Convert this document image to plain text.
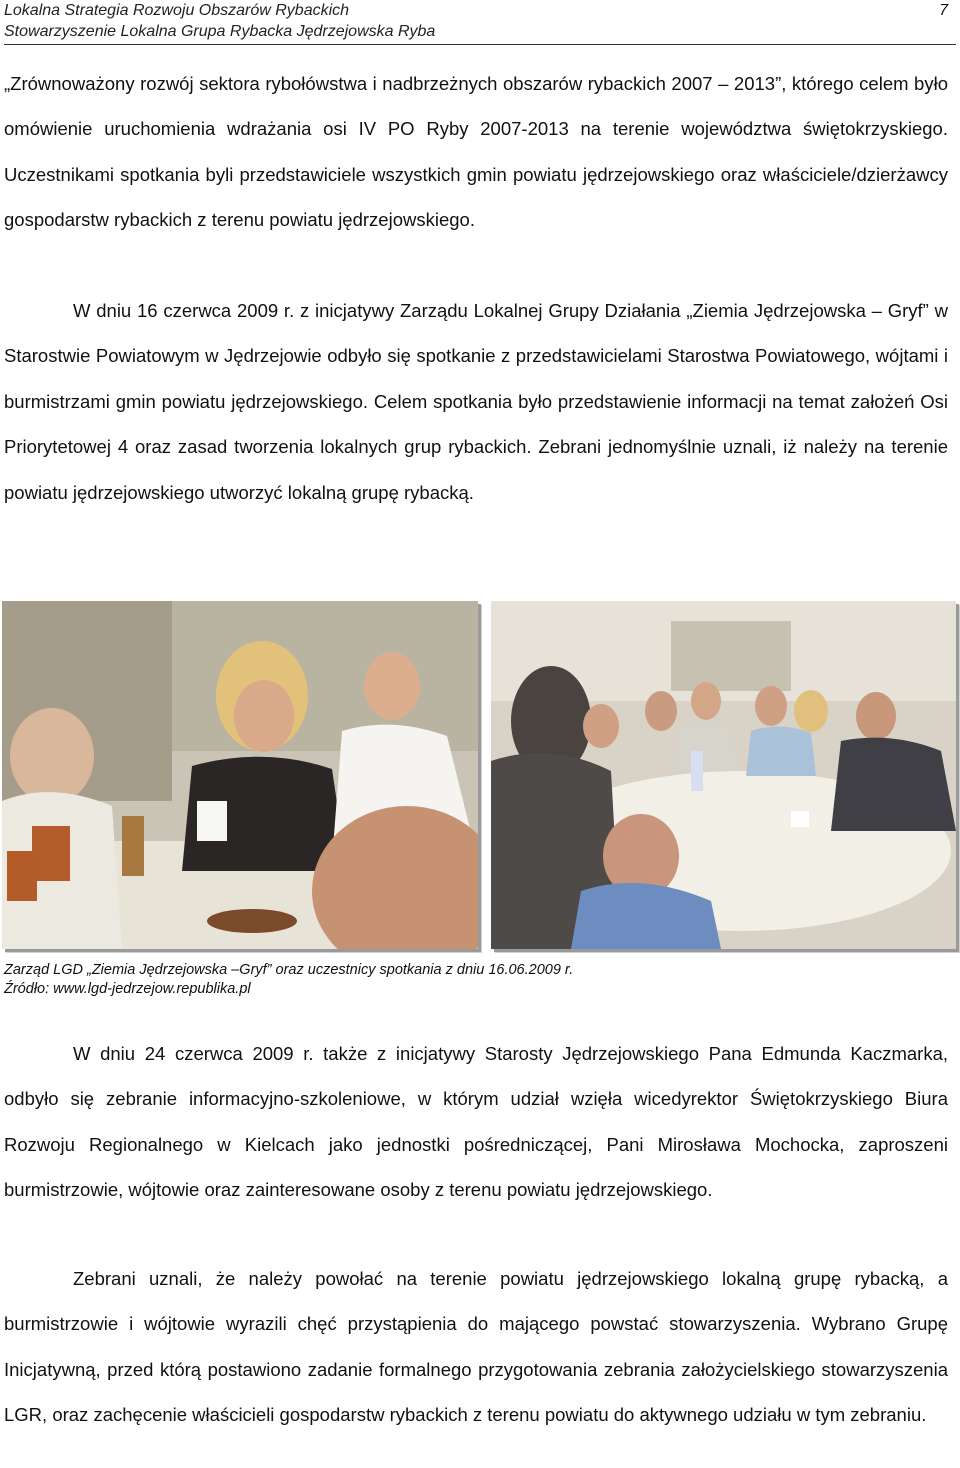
Lokalna Strategia Rozwoju Obszarów Rybackich
Stowarzyszenie Lokalna Grupa Rybacka Jędrzejowska Ryba
7
„Zrównoważony rozwój sektora rybołówstwa i nadbrzeżnych obszarów rybackich 2007 – 2013”, którego celem było omówienie uruchomienia wdrażania osi IV PO Ryby 2007-2013 na terenie województwa świętokrzyskiego. Uczestnikami spotkania byli przedstawiciele wszystkich gmin powiatu jędrzejowskiego oraz właściciele/dzierżawcy gospodarstw rybackich z terenu powiatu jędrzejowskiego.
W dniu 16 czerwca 2009 r. z inicjatywy Zarządu Lokalnej Grupy Działania „Ziemia Jędrzejowska – Gryf” w Starostwie Powiatowym w Jędrzejowie odbyło się spotkanie z przedstawicielami Starostwa Powiatowego, wójtami i burmistrzami gmin powiatu jędrzejowskiego. Celem spotkania było przedstawienie informacji na temat założeń Osi Priorytetowej 4 oraz zasad tworzenia lokalnych grup rybackich. Zebrani jednomyślnie uznali, iż należy na terenie powiatu jędrzejowskiego utworzyć lokalną grupę rybacką.
Zarząd LGD „Ziemia Jędrzejowska –Gryf” oraz uczestnicy spotkania z dniu 16.06.2009 r.
Źródło: www.lgd-jedrzejow.republika.pl
W dniu 24 czerwca 2009 r. także z inicjatywy Starosty Jędrzejowskiego Pana Edmunda Kaczmarka, odbyło się zebranie informacyjno-szkoleniowe, w którym udział wzięła wicedyrektor Świętokrzyskiego Biura Rozwoju Regionalnego w Kielcach jako jednostki pośredniczącej, Pani Mirosława Mochocka, zaproszeni burmistrzowie, wójtowie oraz zainteresowane osoby z terenu powiatu jędrzejowskiego.
Zebrani uznali, że należy powołać na terenie powiatu jędrzejowskiego lokalną grupę rybacką, a burmistrzowie i wójtowie wyrazili chęć przystąpienia do mającego powstać stowarzyszenia. Wybrano Grupę Inicjatywną, przed którą postawiono zadanie formalnego przygotowania zebrania założycielskiego stowarzyszenia LGR, oraz zachęcenie właścicieli gospodarstw rybackich z terenu powiatu do aktywnego udziału w tym zebraniu.
